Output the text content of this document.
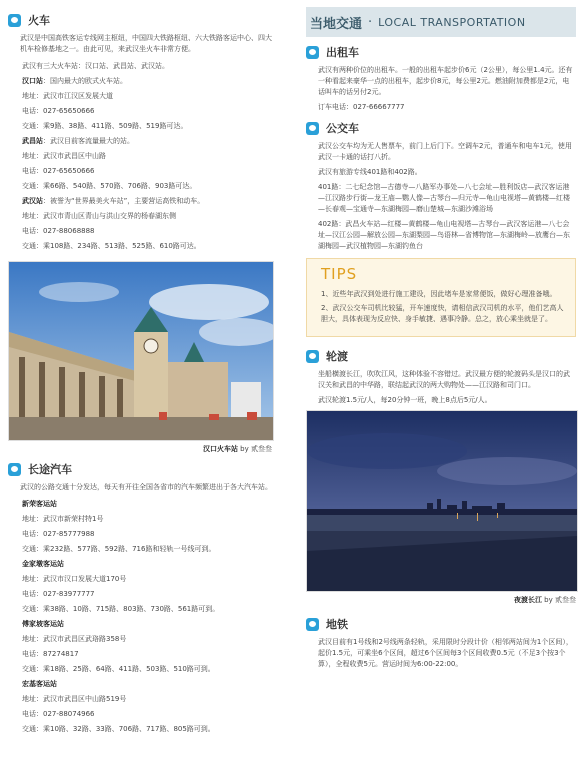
火车

武汉是中国高铁客运专线网主枢纽，中国四大铁路枢纽、六大铁路客运中心、四大机车检修基地之一。由此可见，来武汉坐火车非常方便。

武汉有三大火车站：汉口站、武昌站、武汉站。
汉口站：国内最大的欧式火车站。
地址：武汉市江汉区发展大道
电话：027-65650666
交通：乘9路、38路、411路、509路、519路可达。
武昌站：武汉目前客流量最大的站。
地址：武汉市武昌区中山路
电话：027-65650666
交通：乘66路、540路、570路、706路、903路可达。
武汉站：被誉为“世界最美火车站”，主要营运高铁和动车。
地址：武汉市青山区青山与洪山交界的杨春湖东侧
电话：027-88068888
交通：乘108路、234路、513路、525路、610路可达。
汉口火车站 by 贰叁叁
长途汽车

武汉的公路交通十分发达，每天有开往全国各省市的汽车频繁进出于各大汽车站。

新荣客运站
地址：武汉市新荣村特1号
电话：027-85777988
交通：乘232路、577路、592路、716路和轻轨一号线可到。
金家墩客运站
地址：武汉市汉口发展大道170号
电话：027-83977777
交通：乘38路、10路、715路、803路、730路、561路可到。
傅家坡客运站
地址：武汉市武昌区武珞路358号
电话：87274817
交通：乘18路、25路、64路、411路、503路、510路可到。
宏基客运站
地址：武汉市武昌区中山路519号
电话：027-88074966
交通：乘10路、32路、33路、706路、717路、805路可到。
当地交通 · LOCAL TRANSPORTATION
出租车

武汉有两种价位的出租车。一般的出租车起步价6元（2公里），每公里1.4元。还有一种看起来豪华一点的出租车，起步价8元，每公里2元。燃油附加费都是2元，电话叫车的话另付2元。

订车电话：027-66667777

公交车

武汉公交车均为无人售票车，前门上后门下。空调车2元，普通车和电车1元，使用武汉一卡通的话打八折。

武汉有旅游专线401路和402路。

401路：二七纪念馆—古德寺—八路军办事处—八七会址—胜利饭店—武汉客运港—江汉路步行街—龙王庙—鹦人像—古琴台—归元寺—龟山电视塔—黄鹤楼—红楼—长春观—宝通寺—东湖梅园—磨山楚城—东湖沙滩浴场

402路：武昌火车站—红楼—黄鹤楼—龟山电视塔—古琴台—武汉客运港—八七会址—汉江公园—解放公园—东湖梨园—鸟语林—省博物馆—东湖梅岭—放鹰台—东湖梅园—武汉植物园—东湖钓鱼台

TIPS

1、近些年武汉到处进行施工建设，因此堵车是家常便饭，做好心理准备哦。

2、武汉公交车司机比较猛，开车速度快，请相信武汉司机的水平，他们艺高人胆大，具体表现为反应快、身手敏捷、遇事冷静。总之，放心乘坐就是了。

轮渡

坐船横渡长江，吹吹江风，这种体验不容错过。武汉最方便的轮渡码头是汉口的武汉关和武昌的中华路，联结起武汉的两大购物处——江汉路和司门口。

武汉轮渡1.5元/人，每20分钟一班，晚上8点后5元/人。

夜渡长江 by 贰叁叁
地铁

武汉目前有1号线和2号线两条轻轨，采用限时分段计价（相邻两站间为1个区间），起价1.5元，可乘坐6个区间，超过6个区间每3个区间收费0.5元（不足3个按3个算），全程收费5元。营运时间为6:00-22:00。
